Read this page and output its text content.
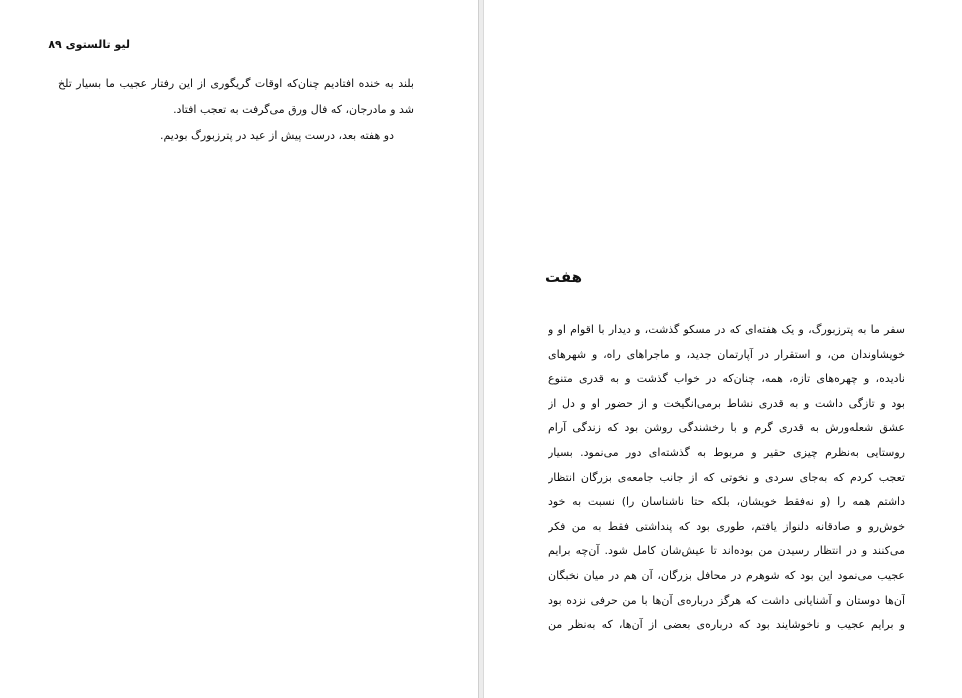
لیو تالستوی ۸۹

بلند به خنده افتادیم چنان‌که اوقات گریگوری از این رفتار عجیب ما بسیار تلخ شد و مادرجان، که فال ورق می‌گرفت به تعجب افتاد.

دو هفته بعد، درست پیش از عید در پترزبورگ بودیم.

هفت
سفر ما به پترزبورگ، و یک هفته‌ای که در مسکو گذشت، و دیدار با اقوام او و
خویشاوندان من، و استقرار در آپارتمان جدید، و ماجراهای راه، و شهرهای
نادیده، و چهره‌های تازه، همه، چنان‌که در خواب گذشت و به قدری متنوع
بود و تازگی داشت و به قدری نشاط برمی‌انگیخت و از حضور او و دل از
عشق شعله‌ورش به قدری گرم و با رخشندگی روشن بود که زندگی آرام
روستایی به‌نظرم چیزی حقیر و مربوط به گذشته‌ای دور می‌نمود. بسیار
تعجب کردم که به‌جای سردی و نخوتی که از جانب جامعه‌ی بزرگان انتظار
داشتم همه را (و نه‌فقط خویشان، بلکه حتا ناشناسان را) نسبت به خود
خوش‌رو و صادقانه دلنواز یافتم، طوری بود که پنداشتی فقط به من فکر
می‌کنند و در انتظار رسیدن من بوده‌اند تا عیش‌شان کامل شود. آن‌چه برایم
عجیب می‌نمود این بود که شوهرم در محافل بزرگان، آن هم در میان نخبگان
آن‌ها دوستان و آشنایانی داشت که هرگز درباره‌ی آن‌ها با من حرفی نزده بود
و برایم عجیب و ناخوشایند بود که درباره‌ی بعضی از آن‌ها، که به‌نظر من
